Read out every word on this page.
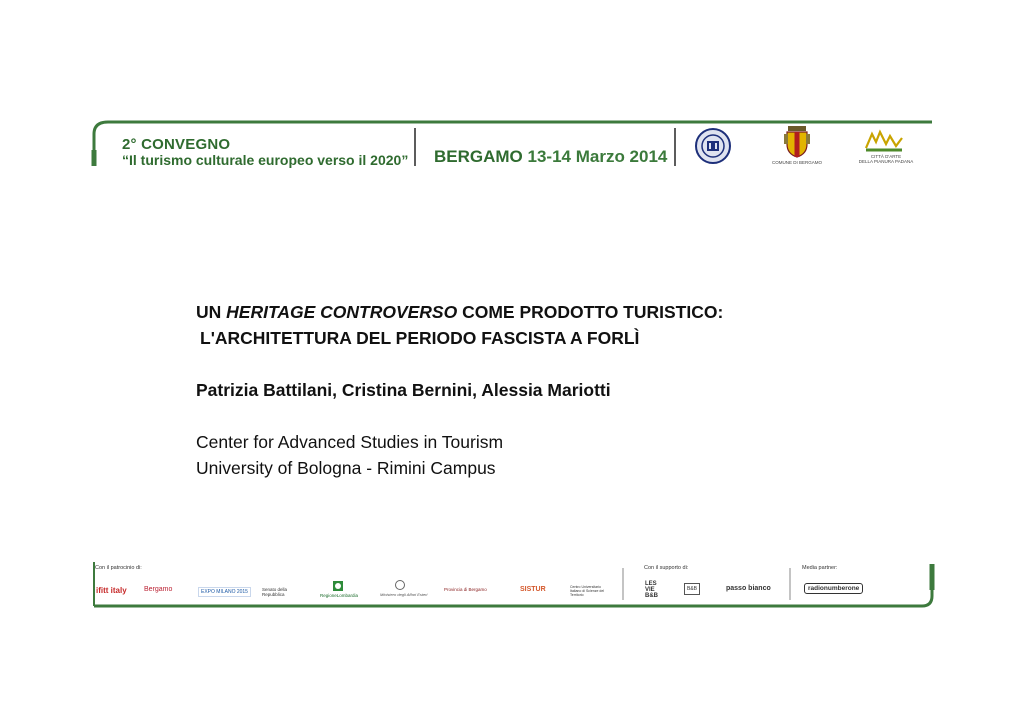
2° CONVEGNO
“Il turismo culturale europeo verso il 2020” BERGAMO 13-14 Marzo 2014	COMUNE DI BERGAMO
CITTÀ D'ARTE
DELLA PIANURA PADANA
UN HERITAGE CONTROVERSO COME PRODOTTO TURISTICO:
L'ARCHITETTURA DEL PERIODO FASCISTA A FORLÌ
Patrizia Battilani, Cristina Bernini, Alessia Mariotti
Center for Advanced Studies in Tourism
University of Bologna - Rimini Campus
Con il patrocinio di:	Con il supporto di:	Media partner:
ifitt italy Bergamo	EXPO MILANO 2015	Senato della Repubblica	RegioneLombardia	Ministero degli Affari Esteri
Provincia di Bergamo	SISTUR	Centro Universitario Italiano di Scienze del Territorio
LES VIE B&B
B&B	passo bianco	radionumberone
